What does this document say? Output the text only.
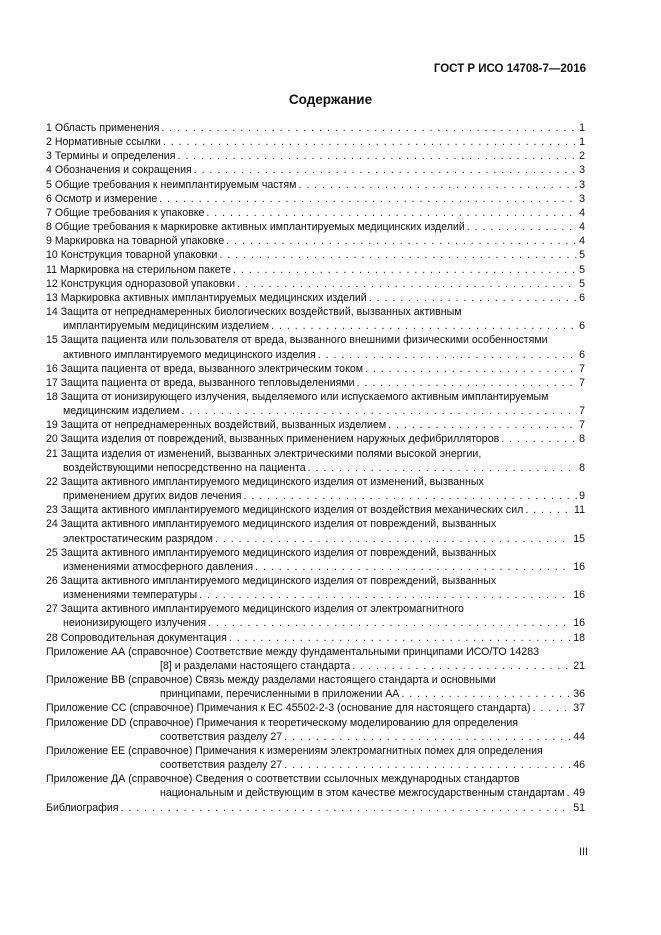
ГОСТ Р ИСО 14708-7—2016
Содержание
1 Область применения . . .	1
2 Нормативные ссылки . . .	1
3 Термины и определения . . .	2
4 Обозначения и сокращения . . .	3
5 Общие требования к неимплантируемым частям . . .	3
6 Осмотр и измерение . . .	3
7 Общие требования к упаковке . . .	4
8 Общие требования к маркировке активных имплантируемых медицинских изделий . . .	4
9 Маркировка на товарной упаковке . . .	4
10 Конструкция товарной упаковки . . .	5
11 Маркировка на стерильном пакете . . .	5
12 Конструкция одноразовой упаковки . . .	5
13 Маркировка активных имплантируемых медицинских изделий . . .	6
14 Защита от непреднамеренных биологических воздействий, вызванных активным
имплантируемым медицинским изделием . . .	6
15 Защита пациента или пользователя от вреда, вызванного внешними физическими особенностями
активного имплантируемого медицинского изделия . . .	6
16 Защита пациента от вреда, вызванного электрическим током . . .	7
17 Защита пациента от вреда, вызванного тепловыделениями . . .	7
18 Защита от ионизирующего излучения, выделяемого или испускаемого активным имплантируемым
медицинским изделием . . .	7
19 Защита от непреднамеренных воздействий, вызванных изделием . . .	7
20 Защита изделия от повреждений, вызванных применением наружных дефибрилляторов . . .	8
21 Защита изделия от изменений, вызванных электрическими полями высокой энергии,
воздействующими непосредственно на пациента . . .	8
22 Защита активного имплантируемого медицинского изделия от изменений, вызванных
применением других видов лечения . . .	9
23 Защита активного имплантируемого медицинского изделия от воздействия механических сил . . .	11
24 Защита активного имплантируемого медицинского изделия от повреждений, вызванных
электростатическим разрядом . . .	15
25 Защита активного имплантируемого медицинского изделия от повреждений, вызванных
изменениями атмосферного давления . . .	16
26 Защита активного имплантируемого медицинского изделия от повреждений, вызванных
изменениями температуры . . .	16
27 Защита активного имплантируемого медицинского изделия от электромагнитного
неионизирующего излучения . . .	16
28 Сопроводительная документация . . .	18
Приложение АА (справочное) Соответствие между фундаментальными принципами ИСО/ТО 14283
[8] и разделами настоящего стандарта . . .	21
Приложение ВВ (справочное) Связь между разделами настоящего стандарта и основными
принципами, перечисленными в приложении АА . . .	36
Приложение СС (справочное) Примечания к ЕС 45502-2-3 (основание для настоящего стандарта) . . .	37
Приложение DD (справочное) Примечания к теоретическому моделированию для определения
соответствия разделу 27 . . .	44
Приложение ЕЕ (справочное) Примечания к измерениям электромагнитных помех для определения
соответствия разделу 27 . . .	46
Приложение ДА (справочное) Сведения о соответствии ссылочных международных стандартов
национальным и действующим в этом качестве межгосударственным стандартам . . . 49
Библиография . . .	51
III
